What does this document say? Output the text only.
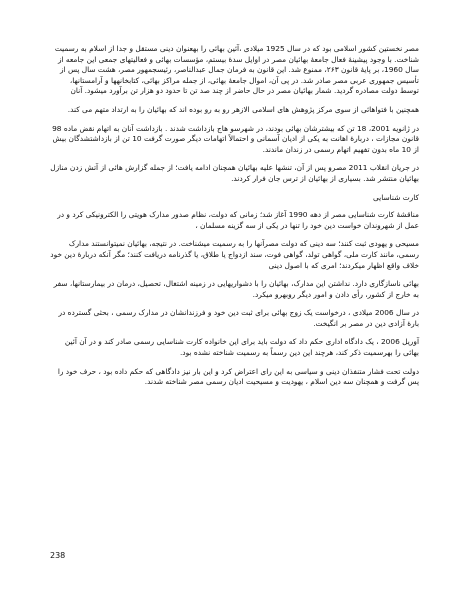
مصر نخستین کشور اسلامی بود که در سال 1925 میلادی ،آئین بهائی را بهعنوان دینی مستقل و جدا از اسلام به رسمیت شناخت. با وجود پیشینۀ فعال جامعۀ بهائیان مصر در اوایل سدۀ بیستم، مؤسسات بهائی و فعالیتهای جمعی این جامعه از سال 1960، بر پایۀ قانون ۲۶۳، ممنوع شد. این قانون به فرمان جمال عبدالناصر، رئیسجمهور مصر، هشت سال پس از تأسیس جمهوری عربی مصر صادر شد. در پی آن، اموال جامعۀ بهائی، از جمله مراکز بهائی، کتابخانهها و آرامستانها، توسط دولت مصادره گردید. شمار بهائیان مصر در حال حاضر از چند صد تن تا حدود دو هزار تن برآورد میشود. آنان

همچنین با فتواهائی از سوی مرکز پژوهش های اسلامی الازهر رو به رو بوده اند که بهائیان را به ارتداد متهم می کند.

در ژانویه 2001، 18 تن که بیشترشان بهائی بودند، در شهرسو هاج بازداشت شدند . بازداشت آنان به اتهام نقض ماده 98 قانون مجازات ، دربارۀ اهانت به یکی از ادیان آسمانی و احتمالاً اتهامات دیگر صورت گرفت 10 تن از بازداشتشدگان بیش از 10 ماه بدون تفهیم اتهام رسمی در زندان ماندند.

در جریان انقلاب 2011 مصرو پس از آن، تنشها علیه بهائیان همچنان ادامه یافت؛ از جمله گزارش هائی از آتش زدن منازل بهائیان منتشر شد. بسیاری از بهائیان از ترس جان فرار کردند.

کارت شناسایی

مناقشۀ کارت شناسایی مصر از دهه 1990 آغاز شد؛ زمانی که دولت، نظام صدور مدارک هویتی را الکترونیکی کرد و در عمل از شهروندان خواست دین خود را تنها در یکی از سه گزینه مسلمان ،

مسیحی و یهودی ثبت کنند؛ سه دینی که دولت مصرآنها را به رسمیت میشناخت. در نتیجه، بهائیان نمیتوانستند مدارک رسمی، مانند کارت ملی، گواهی تولد، گواهی فوت، سند ازدواج یا طلاق، یا گذرنامه دریافت کنند؛ مگر آنکه دربارۀ دین خود خلاف واقع اظهار میکردند؛ امری که با اصول دینی

بهائی ناسازگاری دارد. نداشتن این مدارک، بهائیان را با دشواریهایی در زمینه اشتغال، تحصیل، درمان در بیمارستانها، سفر به خارج از کشور، رأی دادن و امور دیگر روبهرو میکرد.

در سال 2006 میلادی ، درخواست یک زوج بهائی برای ثبت دین خود و فرزندانشان در مدارک رسمی ، بحثی گسترده در بارۀ آزادی دین در مصر بر انگیخت.

آوریل 2006 ، یک دادگاه اداری حکم داد که دولت باید برای این خانواده کارت شناسایی رسمی صادر کند و در آن آئین بهائی را بهرسمیت ذکر کند، هرچند این دین رسماً به رسمیت شناخته نشده بود.

دولت تحت فشار متنفذان دینی و سیاسی به این رای اعتراض کرد و این بار نیز دادگاهی که حکم داده بود ، حرف خود را پس گرفت و همچنان سه دین اسلام ، یهودیت و مسیحیت ادیان رسمی مصر شناخته شدند.

238
